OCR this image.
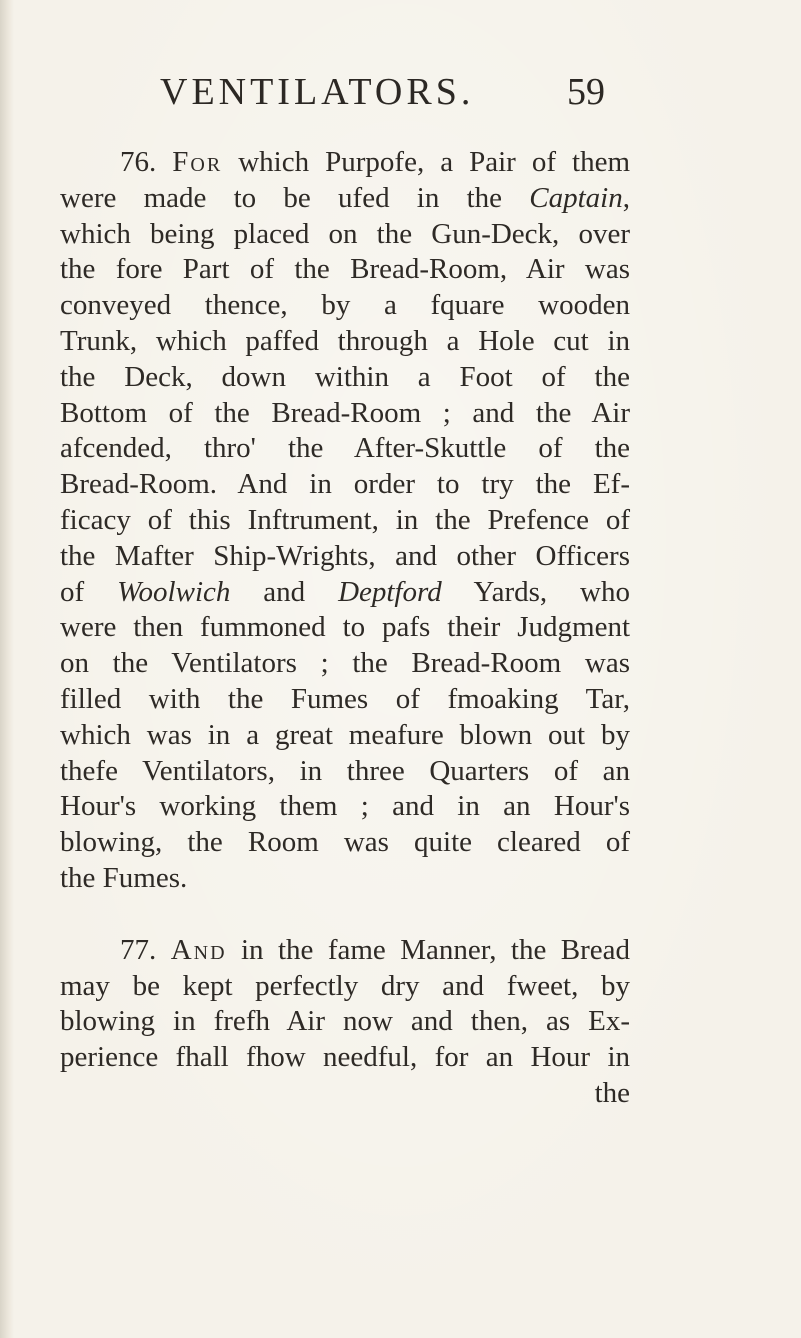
VENTILATORS. 59
76. For which Purpofe, a Pair of them
were made to be ufed in the Captain,
which being placed on the Gun-Deck, over
the fore Part of the Bread-Room, Air was
conveyed thence, by a fquare wooden
Trunk, which paffed through a Hole cut in
the Deck, down within a Foot of the
Bottom of the Bread-Room ; and the Air
afcended, thro' the After-Skuttle of the
Bread-Room. And in order to try the Ef-
ficacy of this Inftrument, in the Prefence of
the Mafter Ship-Wrights, and other Officers
of Woolwich and Deptford Yards, who
were then fummoned to pafs their Judgment
on the Ventilators ; the Bread-Room was
filled with the Fumes of fmoaking Tar,
which was in a great meafure blown out by
thefe Ventilators, in three Quarters of an
Hour's working them ; and in an Hour's
blowing, the Room was quite cleared of
the Fumes.
77. And in the fame Manner, the Bread
may be kept perfectly dry and fweet, by
blowing in frefh Air now and then, as Ex-
perience fhall fhow needful, for an Hour in
the
